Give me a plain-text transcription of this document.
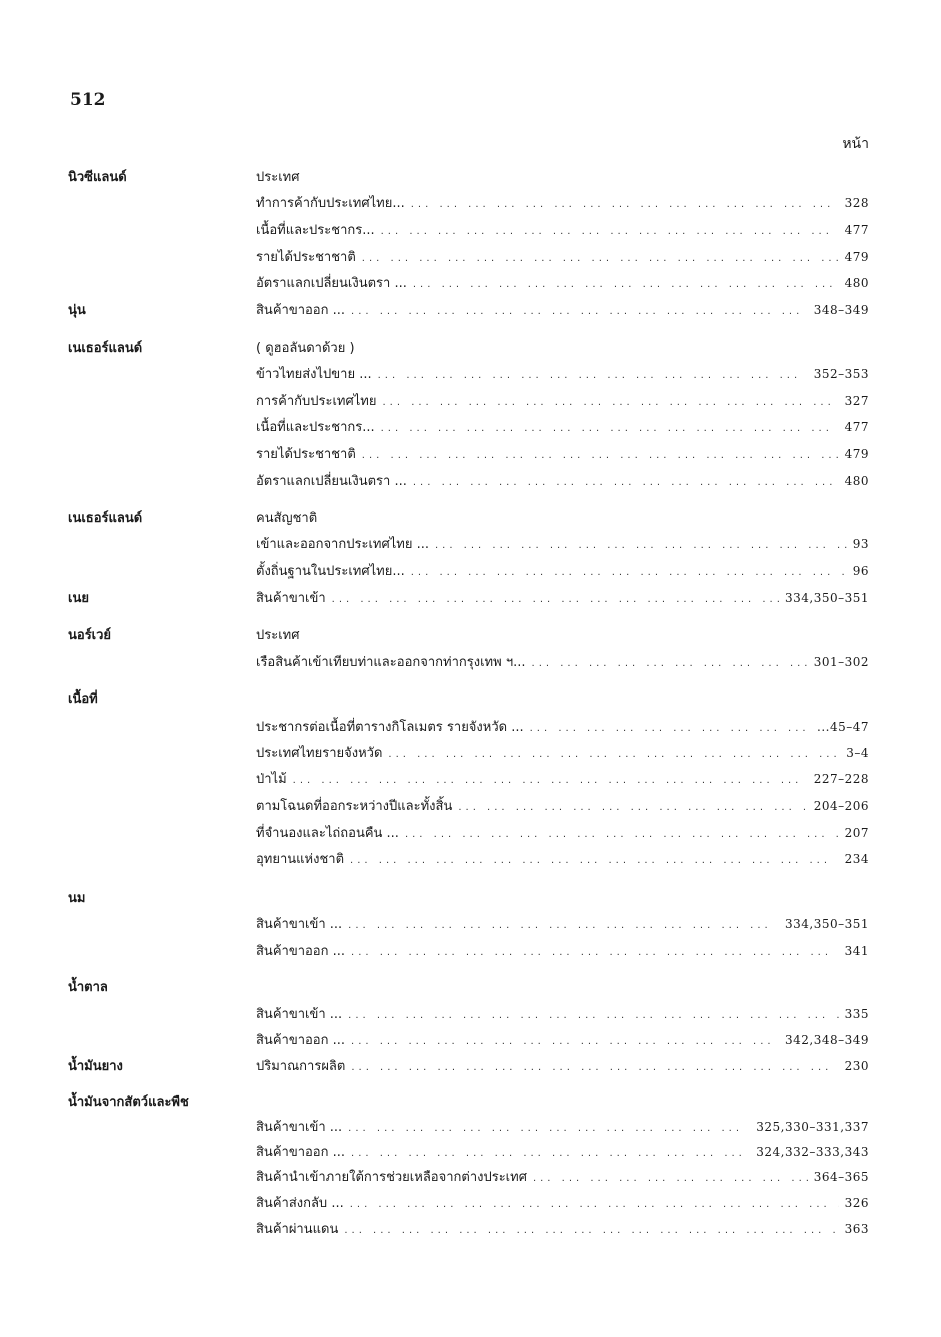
512
หน้า
นิวซีแลนด์	ประเทศ
ทำการค้ากับประเทศไทย... ... .	328
เนื้อที่และประชากร... ... .	477
รายได้ประชาชาติ ... .	479
อัตราแลกเปลี่ยนเงินตรา ... ... .	480
นุ่น	สินค้าขาออก ... ... .	348–349
เนเธอร์แลนด์	( ดูฮอลันดาด้วย )
ข้าวไทยส่งไปขาย ... ... .	352–353
การค้ากับประเทศไทย ... .	327
เนื้อที่และประชากร... ... .	477
รายได้ประชาชาติ ... .	479
อัตราแลกเปลี่ยนเงินตรา ... ... .	480
เนเธอร์แลนด์	คนสัญชาติ
เข้าและออกจากประเทศไทย ... ... .	93
ตั้งถิ่นฐานในประเทศไทย... ... .	96
เนย	สินค้าขาเข้า ... .	334,350–351
นอร์เวย์	ประเทศ
เรือสินค้าเข้าเทียบท่าและออกจากท่ากรุงเทพ ฯ... ... .	301–302
เนื้อที่
ประชากรต่อเนื้อที่ตารางกิโลเมตร รายจังหวัด ... ... .	...45–47
ประเทศไทยรายจังหวัด ... .	3–4
ป่าไม้ ... .	227–228
ตามโฉนดที่ออกระหว่างปีและทั้งสิ้น ... .	204–206
ที่จำนองและไถ่ถอนคืน ... ... .	207
อุทยานแห่งชาติ ... .	234
นม
สินค้าขาเข้า ... ... .	334,350–351
สินค้าขาออก ... ... .	341
น้ำตาล
สินค้าขาเข้า ... ... .	335
สินค้าขาออก ... ... .	342,348–349
น้ำมันยาง	ปริมาณการผลิต ... .	230
น้ำมันจากสัตว์และพืช
สินค้าขาเข้า ... ... .	325,330–331,337
สินค้าขาออก ... ... .	324,332–333,343
สินค้านำเข้าภายใต้การช่วยเหลือจากต่างประเทศ ... .	364–365
สินค้าส่งกลับ ... ... .	326
สินค้าผ่านแดน ... .	363
